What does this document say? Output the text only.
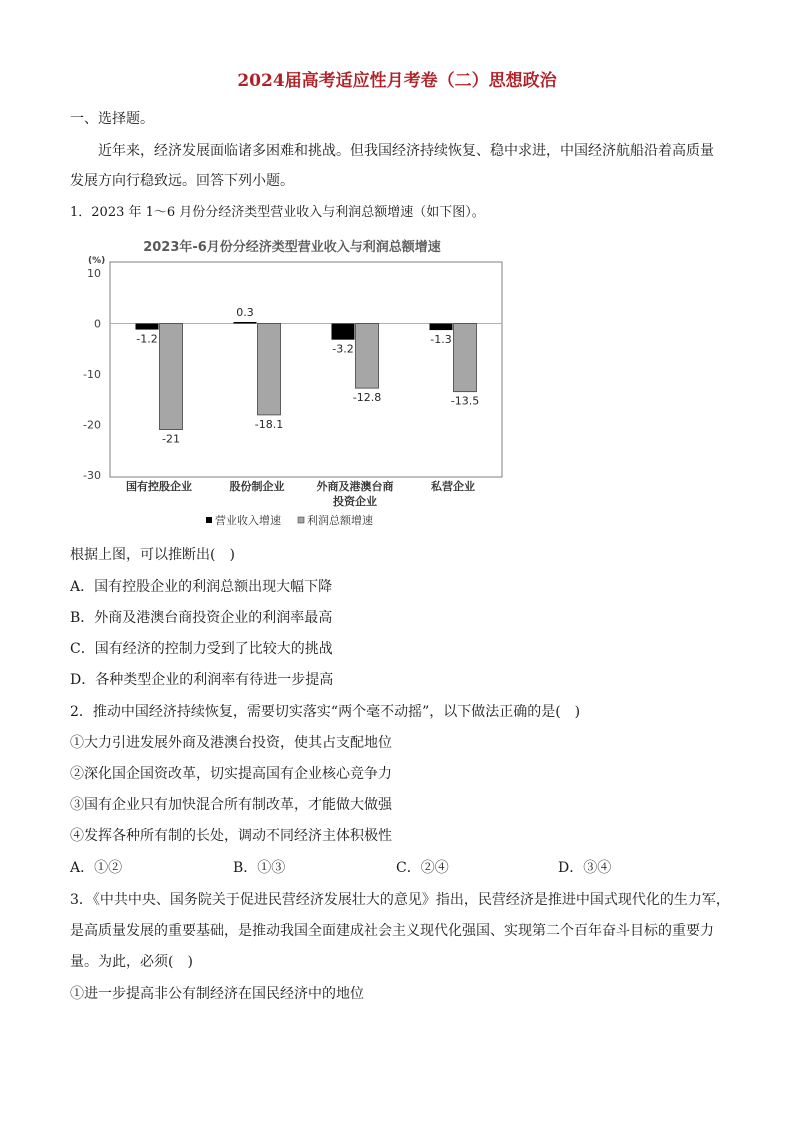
2024届高考适应性月考卷（二）思想政治
一、选择题。
近年来，经济发展面临诸多困难和挑战。但我国经济持续恢复、稳中求进，中国经济航船沿着高质量
发展方向行稳致远。回答下列小题。
1．2023 年 1～6 月份分经济类型营业收入与利润总额增速（如下图）。
2023年-6月份分经济类型营业收入与利润总额增速
(%)
10
0
-10
-20
-30
-1.2
-21
0.3
-18.1
-3.2
-12.8
-1.3
-13.5
国有控股企业	股份制企业	外商及港澳台商
投资企业
私营企业
营业收入增速 利润总额增速
根据上图，可以推断出(　)
A．国有控股企业的利润总额出现大幅下降
B．外商及港澳台商投资企业的利润率最高
C．国有经济的控制力受到了比较大的挑战
D．各种类型企业的利润率有待进一步提高
2．推动中国经济持续恢复，需要切实落实“两个毫不动摇”，以下做法正确的是(　)
①大力引进发展外商及港澳台投资，使其占支配地位
②深化国企国资改革，切实提高国有企业核心竞争力
③国有企业只有加快混合所有制改革，才能做大做强
④发挥各种所有制的长处，调动不同经济主体积极性
A．①②	B．①③	C．②④	D．③④
3．《中共中央、国务院关于促进民营经济发展壮大的意见》指出，民营经济是推进中国式现代化的生力军，
是高质量发展的重要基础，是推动我国全面建成社会主义现代化强国、实现第二个百年奋斗目标的重要力
量。为此，必须(　)
①进一步提高非公有制经济在国民经济中的地位
